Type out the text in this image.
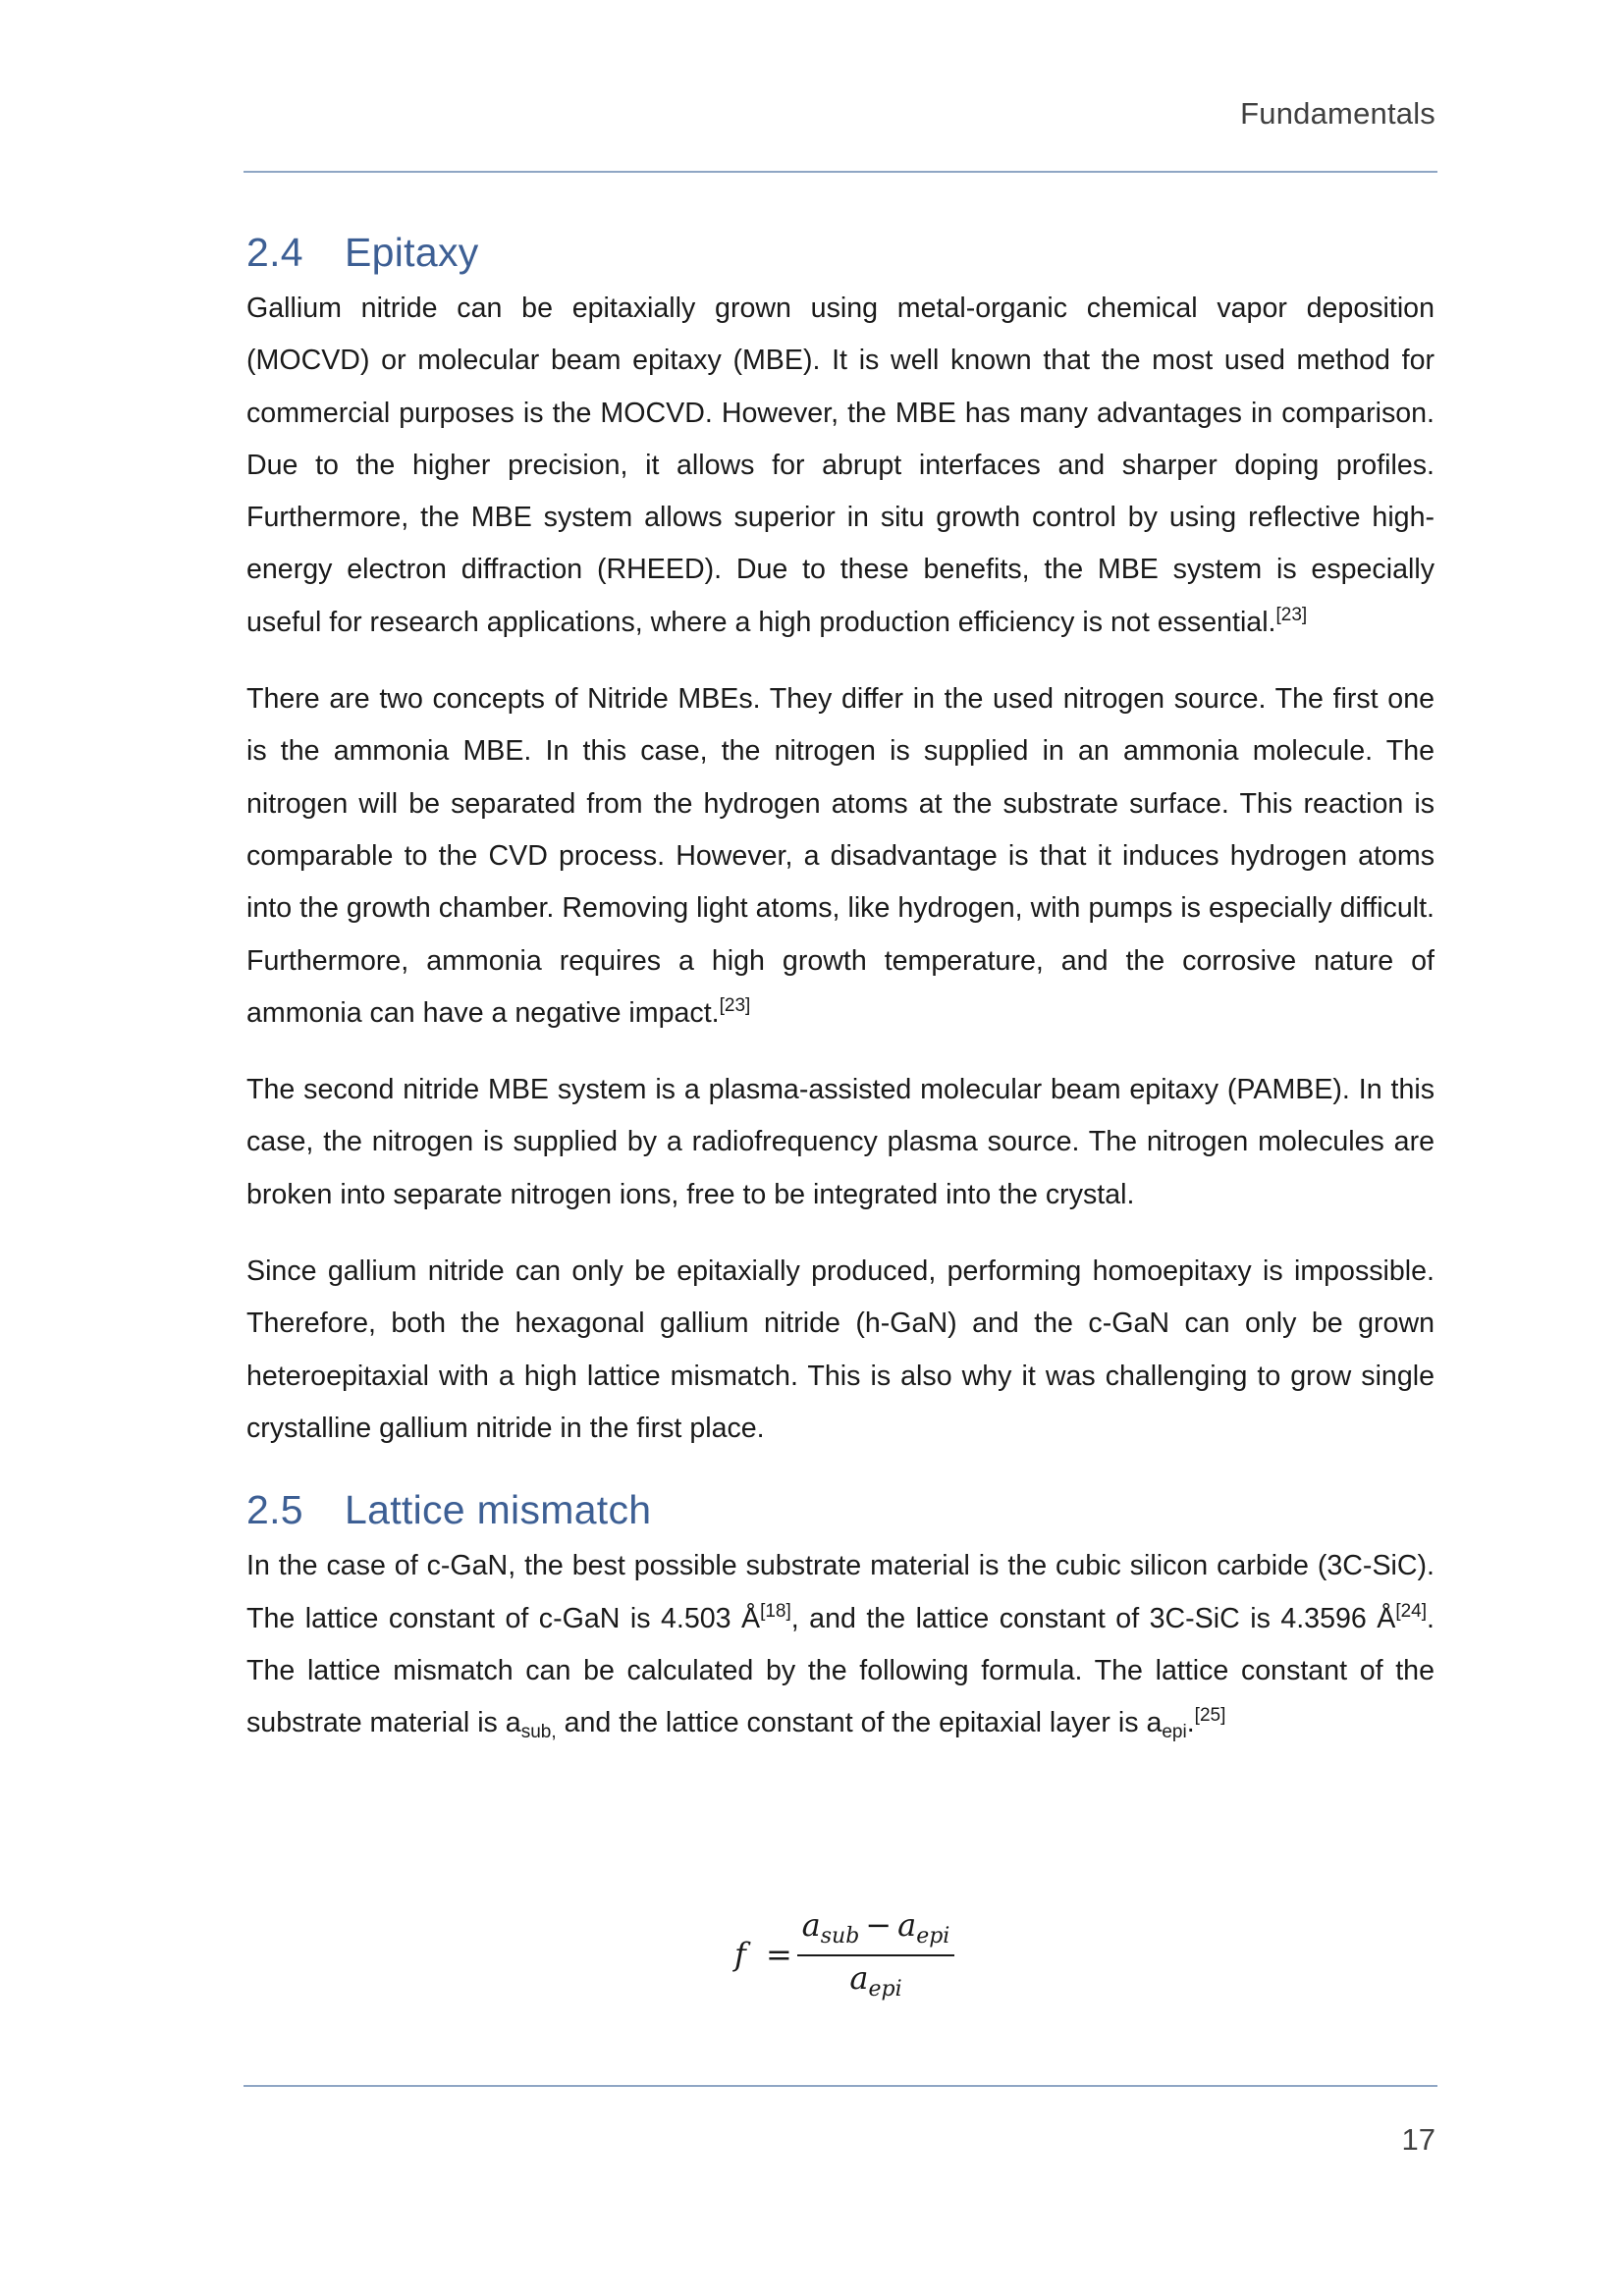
Fundamentals
2.4 Epitaxy

Gallium nitride can be epitaxially grown using metal-organic chemical vapor deposition (MOCVD) or molecular beam epitaxy (MBE). It is well known that the most used method for commercial purposes is the MOCVD. However, the MBE has many advantages in comparison. Due to the higher precision, it allows for abrupt interfaces and sharper doping profiles. Furthermore, the MBE system allows superior in situ growth control by using reflective high-energy electron diffraction (RHEED). Due to these benefits, the MBE system is especially useful for research applications, where a high production efficiency is not essential.[23]

There are two concepts of Nitride MBEs. They differ in the used nitrogen source. The first one is the ammonia MBE. In this case, the nitrogen is supplied in an ammonia molecule. The nitrogen will be separated from the hydrogen atoms at the substrate surface. This reaction is comparable to the CVD process. However, a disadvantage is that it induces hydrogen atoms into the growth chamber. Removing light atoms, like hydrogen, with pumps is especially difficult. Furthermore, ammonia requires a high growth temperature, and the corrosive nature of ammonia can have a negative impact.[23]

The second nitride MBE system is a plasma-assisted molecular beam epitaxy (PAMBE). In this case, the nitrogen is supplied by a radiofrequency plasma source. The nitrogen molecules are broken into separate nitrogen ions, free to be integrated into the crystal.

Since gallium nitride can only be epitaxially produced, performing homoepitaxy is impossible. Therefore, both the hexagonal gallium nitride (h-GaN) and the c-GaN can only be grown heteroepitaxial with a high lattice mismatch. This is also why it was challenging to grow single crystalline gallium nitride in the first place.

2.5 Lattice mismatch

In the case of c-GaN, the best possible substrate material is the cubic silicon carbide (3C-SiC). The lattice constant of c-GaN is 4.503 Å[18], and the lattice constant of 3C-SiC is 4.3596 Å[24]. The lattice mismatch can be calculated by the following formula. The lattice constant of the substrate material is $a_{sub,}$ and the lattice constant of the epitaxial layer is $a_{epi}.[25]$

f =
$a_{sub} - a_{epi}$
$a_{epi}$
17
